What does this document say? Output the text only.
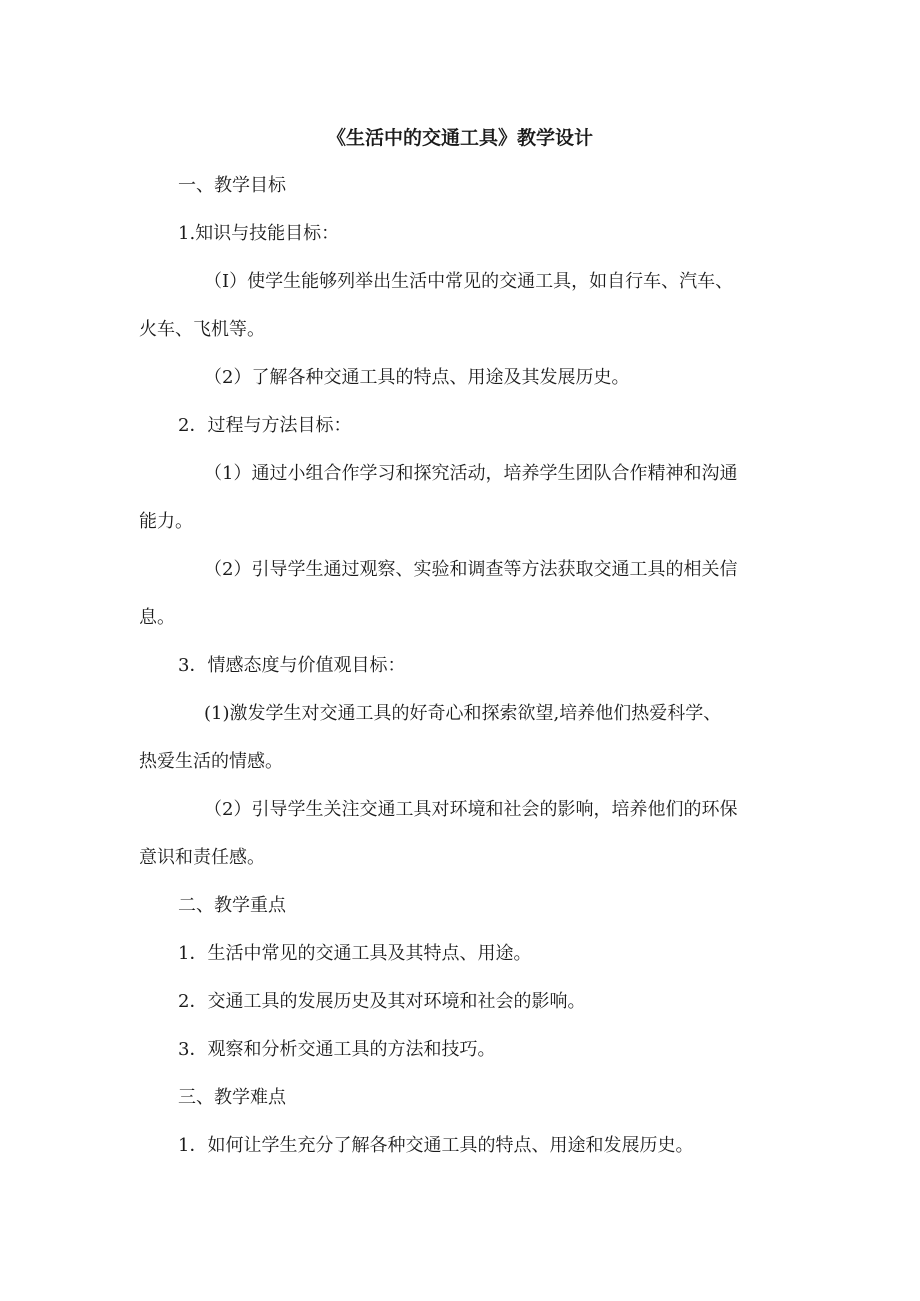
《生活中的交通工具》教学设计
一、教学目标
1.知识与技能目标：
（I）使学生能够列举出生活中常见的交通工具，如自行车、汽车、
火车、飞机等。
（2）了解各种交通工具的特点、用途及其发展历史。
2．过程与方法目标：
（1）通过小组合作学习和探究活动，培养学生团队合作精神和沟通
能力。
（2）引导学生通过观察、实验和调查等方法获取交通工具的相关信
息。
3．情感态度与价值观目标：
(1)激发学生对交通工具的好奇心和探索欲望,培养他们热爱科学、
热爱生活的情感。
（2）引导学生关注交通工具对环境和社会的影响，培养他们的环保
意识和责任感。
二、教学重点
1．生活中常见的交通工具及其特点、用途。
2．交通工具的发展历史及其对环境和社会的影响。
3．观察和分析交通工具的方法和技巧。
三、教学难点
1．如何让学生充分了解各种交通工具的特点、用途和发展历史。
